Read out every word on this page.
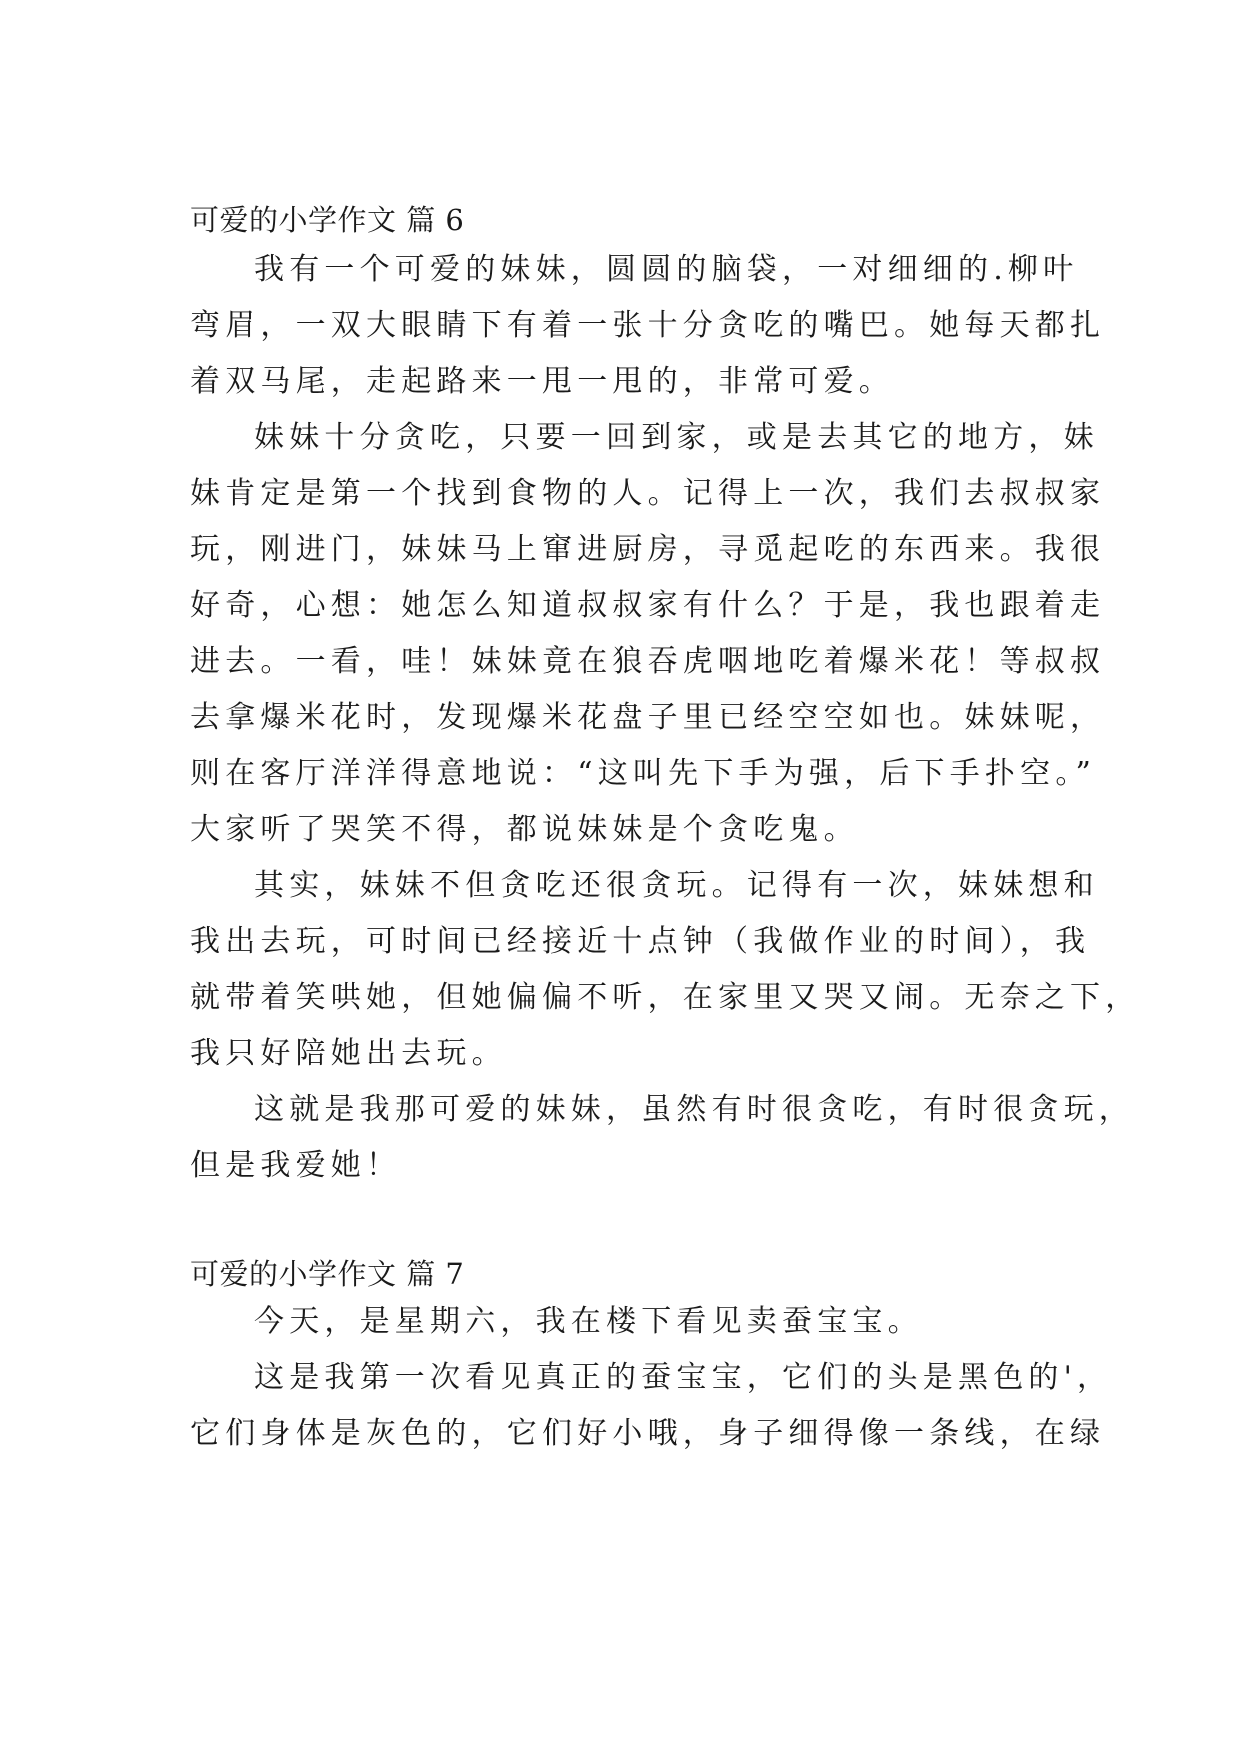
可爱的小学作文 篇 6
我有一个可爱的妹妹，圆圆的脑袋，一对细细的.柳叶
弯眉，一双大眼睛下有着一张十分贪吃的嘴巴。她每天都扎
着双马尾，走起路来一甩一甩的，非常可爱。
妹妹十分贪吃，只要一回到家，或是去其它的地方，妹
妹肯定是第一个找到食物的人。记得上一次，我们去叔叔家
玩，刚进门，妹妹马上窜进厨房，寻觅起吃的东西来。我很
好奇，心想：她怎么知道叔叔家有什么？于是，我也跟着走
进去。一看，哇！妹妹竟在狼吞虎咽地吃着爆米花！等叔叔
去拿爆米花时，发现爆米花盘子里已经空空如也。妹妹呢，
则在客厅洋洋得意地说：“这叫先下手为强，后下手扑空。”
大家听了哭笑不得，都说妹妹是个贪吃鬼。
其实，妹妹不但贪吃还很贪玩。记得有一次，妹妹想和
我出去玩，可时间已经接近十点钟（我做作业的时间），我
就带着笑哄她，但她偏偏不听，在家里又哭又闹。无奈之下，
我只好陪她出去玩。
这就是我那可爱的妹妹，虽然有时很贪吃，有时很贪玩，
但是我爱她！
可爱的小学作文 篇 7
今天，是星期六，我在楼下看见卖蚕宝宝。
这是我第一次看见真正的蚕宝宝，它们的头是黑色的'，
它们身体是灰色的，它们好小哦，身子细得像一条线，在绿
